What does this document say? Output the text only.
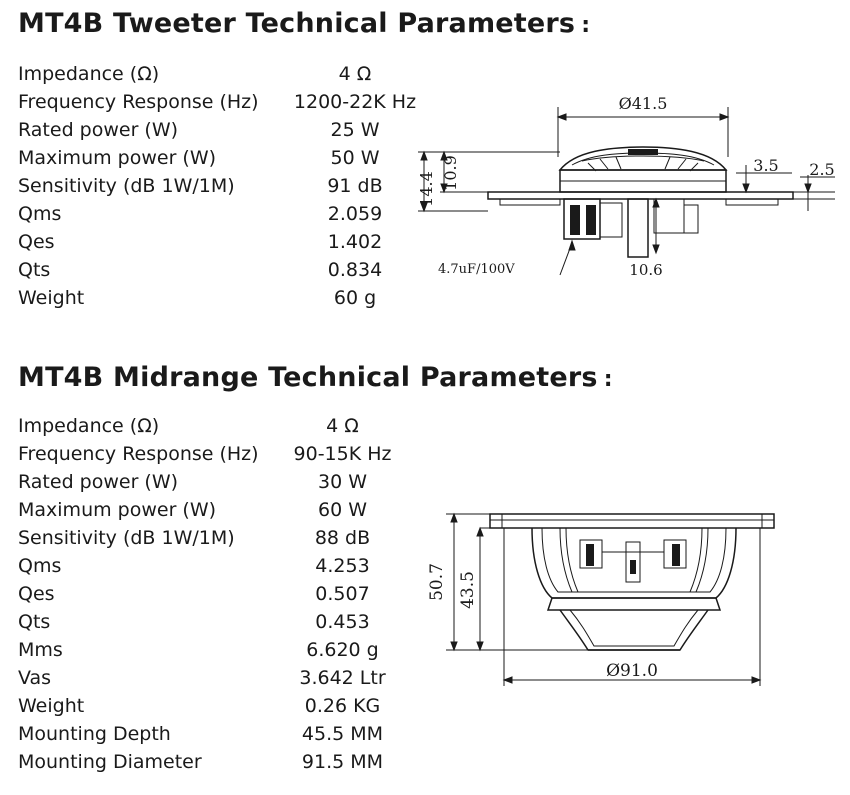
MT4B Tweeter Technical Parameters :
Impedance (Ω)	4 Ω
Frequency Response (Hz)	1200-22K Hz
Rated power (W)	25 W
Maximum power (W)	50 W
Sensitivity (dB 1W/1M)	91 dB
Qms	2.059
Qes	1.402
Qts	0.834
Weight	60 g
Ø41.5
14.4 10.9	3.5 2.5
10.6
4.7uF/100V
MT4B Midrange Technical Parameters :
Impedance (Ω)	4 Ω
Frequency Response (Hz)	90-15K Hz
Rated power (W)	30 W
Maximum power (W)	60 W
Sensitivity (dB 1W/1M)	88 dB
Qms	4.253
Qes	0.507
Qts	0.453
Mms	6.620 g
Vas	3.642 Ltr
Weight	0.26 KG
Mounting Depth	45.5 MM
Mounting Diameter	91.5 MM
50.7 43.5
Ø91.0
